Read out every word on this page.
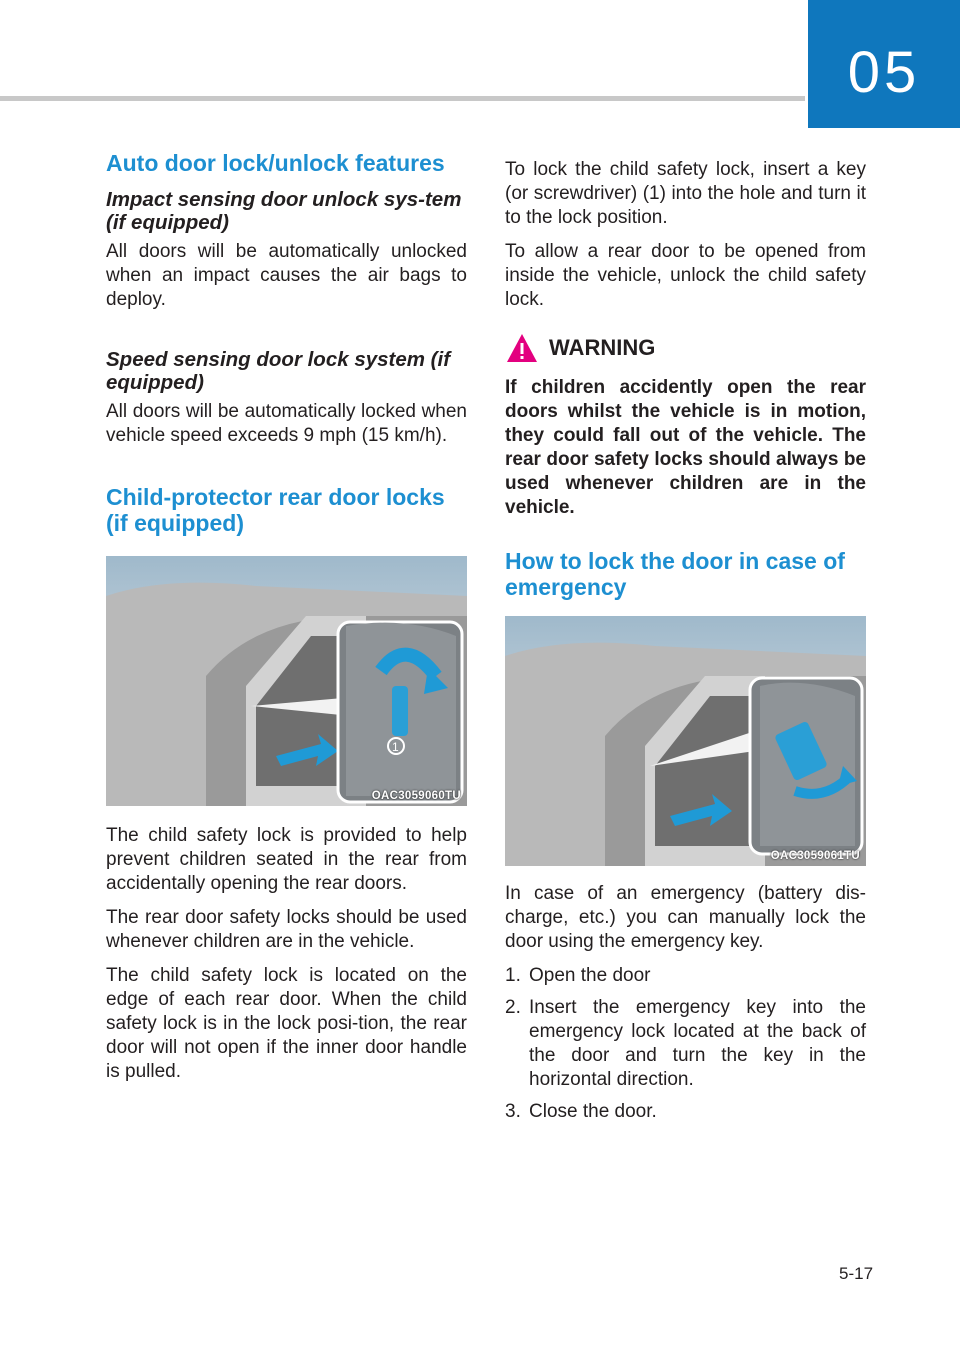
05
Auto door lock/unlock features
Impact sensing door unlock sys-tem (if equipped)

All doors will be automatically unlocked when an impact causes the air bags to deploy.

Speed sensing door lock system (if equipped)

All doors will be automatically locked when vehicle speed exceeds 9 mph (15 km/h).

Child-protector rear door locks (if equipped)
1
OAC3059060TU

The child safety lock is provided to help prevent children seated in the rear from accidentally opening the rear doors.

The rear door safety locks should be used whenever children are in the vehicle.

The child safety lock is located on the edge of each rear door. When the child safety lock is in the lock posi-tion, the rear door will not open if the inner door handle is pulled.

To lock the child safety lock, insert a key (or screwdriver) (1) into the hole and turn it to the lock position.

To allow a rear door to be opened from inside the vehicle, unlock the child safety lock.

WARNING

If children accidently open the rear doors whilst the vehicle is in motion, they could fall out of the vehicle. The rear door safety locks should always be used whenever children are in the vehicle.

How to lock the door in case of emergency
OAC3059061TU

In case of an emergency (battery dis-charge, etc.) you can manually lock the door using the emergency key.

1. Open the door
2. Insert the emergency key into the emergency lock located at the back of the door and turn the key in the horizontal direction.
3. Close the door.
5-17
